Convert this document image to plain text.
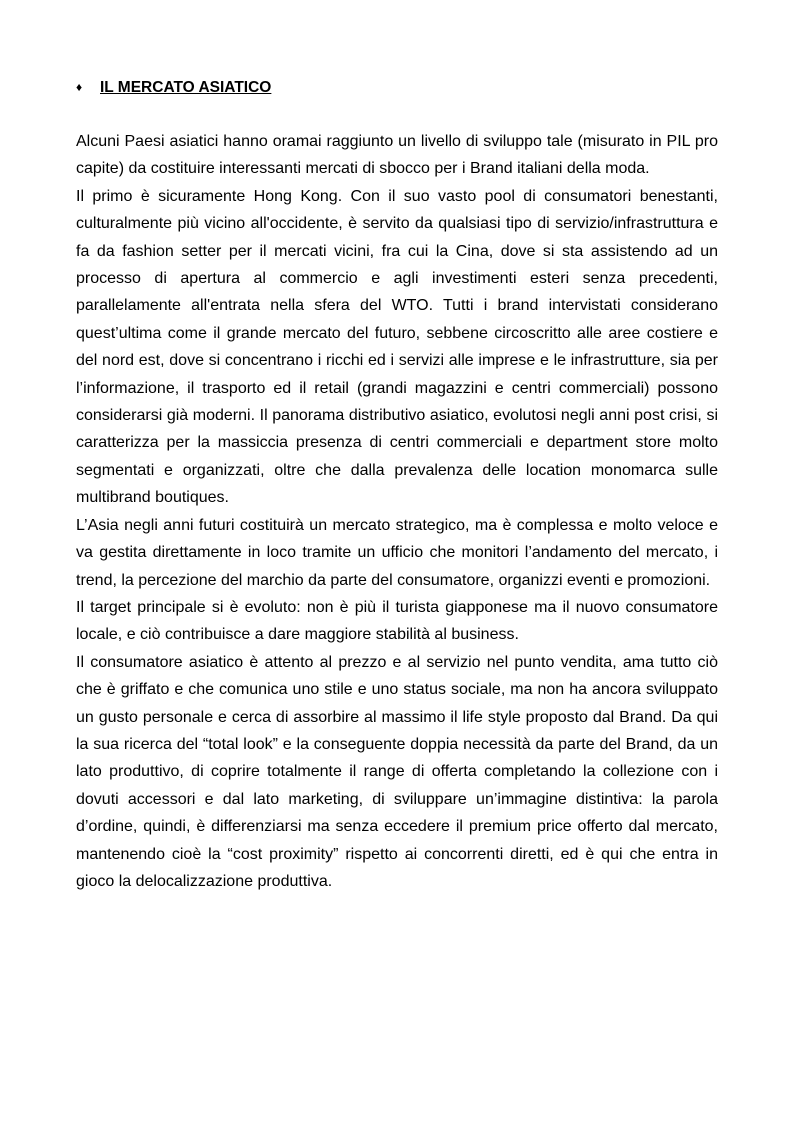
♦ IL MERCATO ASIATICO

Alcuni Paesi asiatici hanno oramai raggiunto un livello di sviluppo tale (misurato in PIL pro capite) da costituire interessanti mercati di sbocco per i Brand italiani della moda.

Il primo è sicuramente Hong Kong. Con il suo vasto pool di consumatori benestanti, culturalmente più vicino all'occidente, è servito da qualsiasi tipo di servizio/infrastruttura e fa da fashion setter per il mercati vicini, fra cui la Cina, dove si sta assistendo ad un processo di apertura al commercio e agli investimenti esteri senza precedenti, parallelamente all'entrata nella sfera del WTO. Tutti i brand intervistati considerano quest’ultima come il grande mercato del futuro, sebbene circoscritto alle aree costiere e del nord est, dove si concentrano i ricchi ed i servizi alle imprese e le infrastrutture, sia per l’informazione, il trasporto ed il retail (grandi magazzini e centri commerciali) possono considerarsi già moderni. Il panorama distributivo asiatico, evolutosi negli anni post crisi, si caratterizza per la massiccia presenza di centri commerciali e department store molto segmentati e organizzati, oltre che dalla prevalenza delle location monomarca sulle multibrand boutiques.

L’Asia negli anni futuri costituirà un mercato strategico, ma è complessa e molto veloce e va gestita direttamente in loco tramite un ufficio che monitori l’andamento del mercato, i trend, la percezione del marchio da parte del consumatore, organizzi eventi e promozioni.

Il target principale si è evoluto: non è più il turista giapponese ma il nuovo consumatore locale, e ciò contribuisce a dare maggiore stabilità al business.

Il consumatore asiatico è attento al prezzo e al servizio nel punto vendita, ama tutto ciò che è griffato e che comunica uno stile e uno status sociale, ma non ha ancora sviluppato un gusto personale e cerca di assorbire al massimo il life style proposto dal Brand. Da qui la sua ricerca del “total look” e la conseguente doppia necessità da parte del Brand, da un lato produttivo, di coprire totalmente il range di offerta completando la collezione con i dovuti accessori e dal lato marketing, di sviluppare un’immagine distintiva: la parola d’ordine, quindi, è differenziarsi ma senza eccedere il premium price offerto dal mercato, mantenendo cioè la “cost proximity” rispetto ai concorrenti diretti, ed è qui che entra in gioco la delocalizzazione produttiva.
